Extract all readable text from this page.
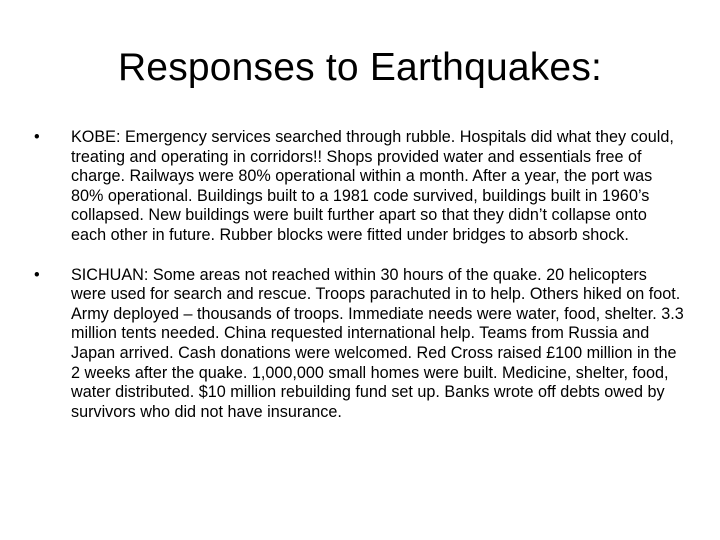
Responses to Earthquakes:
• KOBE: Emergency services searched through rubble. Hospitals did what they could, treating and operating in corridors!! Shops provided water and essentials free of charge. Railways were 80% operational within a month. After a year, the port was 80% operational. Buildings built to a 1981 code survived, buildings built in 1960’s collapsed. New buildings were built further apart so that they didn’t collapse onto each other in future. Rubber blocks were fitted under bridges to absorb shock.
• SICHUAN: Some areas not reached within 30 hours of the quake. 20 helicopters were used for search and rescue. Troops parachuted in to help. Others hiked on foot. Army deployed – thousands of troops. Immediate needs were water, food, shelter. 3.3 million tents needed. China requested international help. Teams from Russia and Japan arrived. Cash donations were welcomed. Red Cross raised £100 million in the 2 weeks after the quake. 1,000,000 small homes were built. Medicine, shelter, food, water distributed. $10 million rebuilding fund set up. Banks wrote off debts owed by survivors who did not have insurance.
